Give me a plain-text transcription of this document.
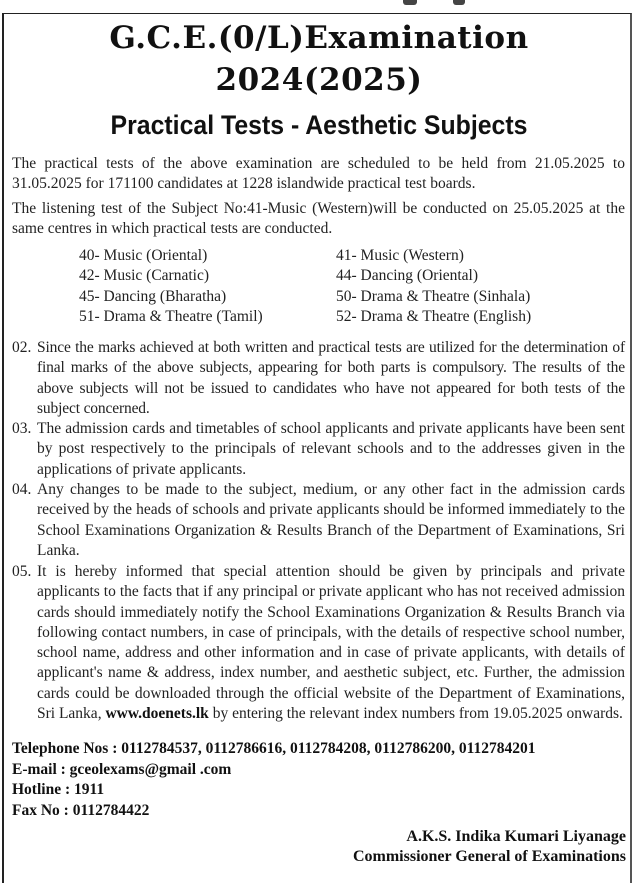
G.C.E.(0/L)Examination
2024(2025)
Practical Tests - Aesthetic Subjects
The practical tests of the above examination are scheduled to be held from 21.05.2025 to 31.05.2025 for 171100 candidates at 1228 islandwide practical test boards.
The listening test of the Subject No:41-Music (Western)will be conducted on 25.05.2025 at the same centres in which practical tests are conducted.
40- Music (Oriental)	41- Music (Western)
42- Music (Carnatic)	44- Dancing (Oriental)
45- Dancing (Bharatha)	50- Drama & Theatre (Sinhala)
51- Drama & Theatre (Tamil)	52- Drama & Theatre (English)
02. Since the marks achieved at both written and practical tests are utilized for the determination of final marks of the above subjects, appearing for both parts is compulsory. The results of the above subjects will not be issued to candidates who have not appeared for both tests of the subject concerned.
03. The admission cards and timetables of school applicants and private applicants have been sent by post respectively to the principals of relevant schools and to the addresses given in the applications of private applicants.
04. Any changes to be made to the subject, medium, or any other fact in the admission cards received by the heads of schools and private applicants should be informed immediately to the School Examinations Organization & Results Branch of the Department of Examinations, Sri Lanka.
05. It is hereby informed that special attention should be given by principals and private applicants to the facts that if any principal or private applicant who has not received admission cards should immediately notify the School Examinations Organization & Results Branch via following contact numbers, in case of principals, with the details of respective school number, school name, address and other information and in case of private applicants, with details of applicant's name & address, index number, and aesthetic subject, etc. Further, the admission cards could be downloaded through the official website of the Department of Examinations, Sri Lanka, www.doenets.lk by entering the relevant index numbers from 19.05.2025 onwards.
Telephone Nos : 0112784537, 0112786616, 0112784208, 0112786200, 0112784201
E-mail : gceolexams@gmail .com
Hotline : 1911
Fax No : 0112784422
A.K.S. Indika Kumari Liyanage
Commissioner General of Examinations
